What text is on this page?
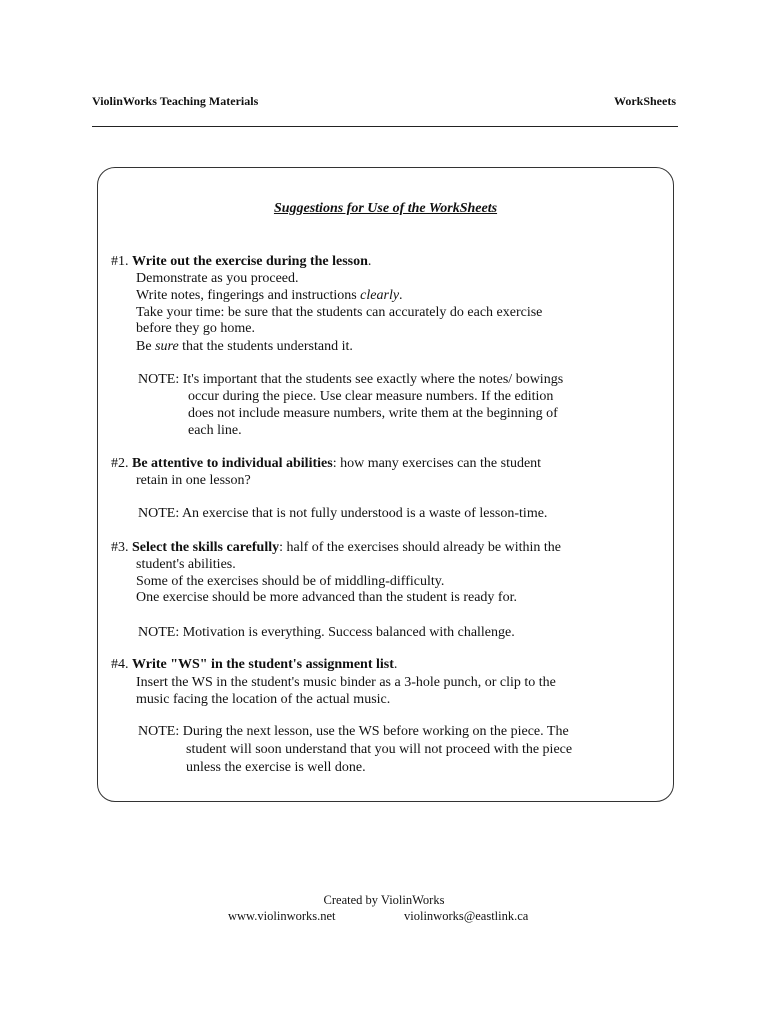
ViolinWorks Teaching Materials	WorkSheets
Suggestions for Use of the WorkSheets
#1. Write out the exercise during the lesson.
Demonstrate as you proceed.
Write notes, fingerings and instructions clearly.
Take your time: be sure that the students can accurately do each exercise
before they go home.
Be sure that the students understand it.
NOTE: It's important that the students see exactly where the notes/ bowings
occur during the piece. Use clear measure numbers. If the edition
does not include measure numbers, write them at the beginning of
each line.
#2. Be attentive to individual abilities: how many exercises can the student
retain in one lesson?
NOTE: An exercise that is not fully understood is a waste of lesson-time.
#3. Select the skills carefully: half of the exercises should already be within the
student's abilities.
Some of the exercises should be of middling-difficulty.
One exercise should be more advanced than the student is ready for.
NOTE: Motivation is everything. Success balanced with challenge.
#4. Write "WS" in the student's assignment list.
Insert the WS in the student's music binder as a 3-hole punch, or clip to the
music facing the location of the actual music.
NOTE: During the next lesson, use the WS before working on the piece. The
student will soon understand that you will not proceed with the piece
unless the exercise is well done.
Created by ViolinWorks
www.violinworks.net	violinworks@eastlink.ca
